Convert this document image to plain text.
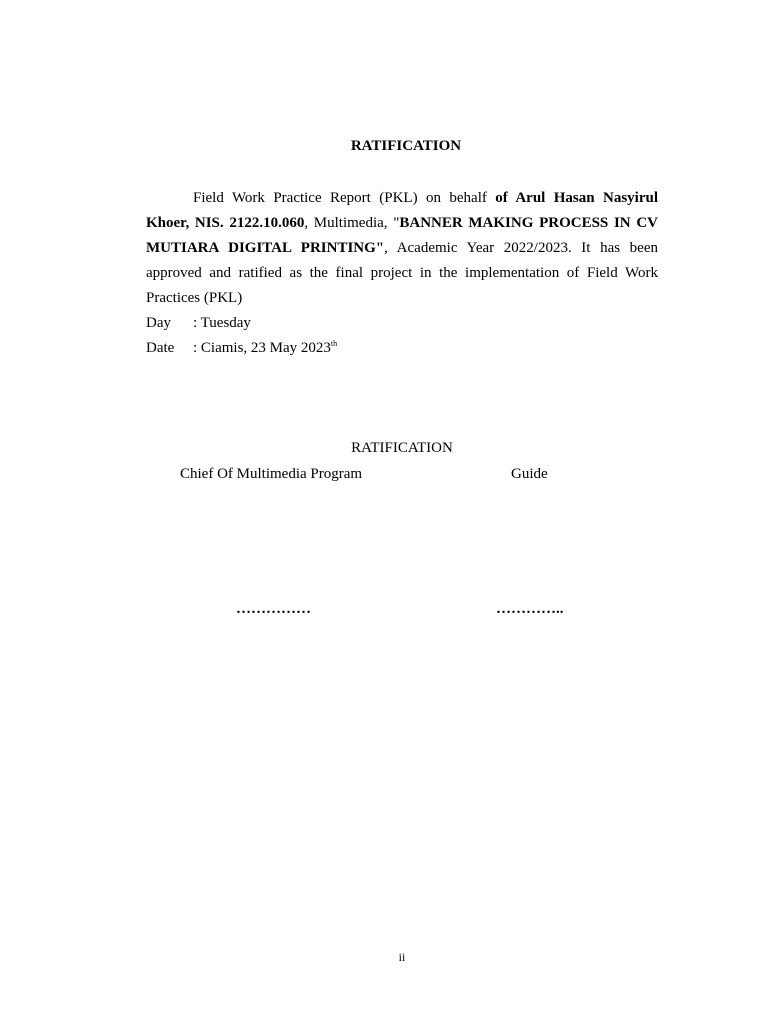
RATIFICATION

Field Work Practice Report (PKL) on behalf of Arul Hasan Nasyirul Khoer, NIS. 2122.10.060, Multimedia, "BANNER MAKING PROCESS IN CV MUTIARA DIGITAL PRINTING", Academic Year 2022/2023. It has been approved and ratified as the final project in the implementation of Field Work Practices (PKL)

Day : Tuesday
Date : Ciamis, 23 May 2023th
RATIFICATION
Chief Of Multimedia Program	Guide
……………	…………..
ii
